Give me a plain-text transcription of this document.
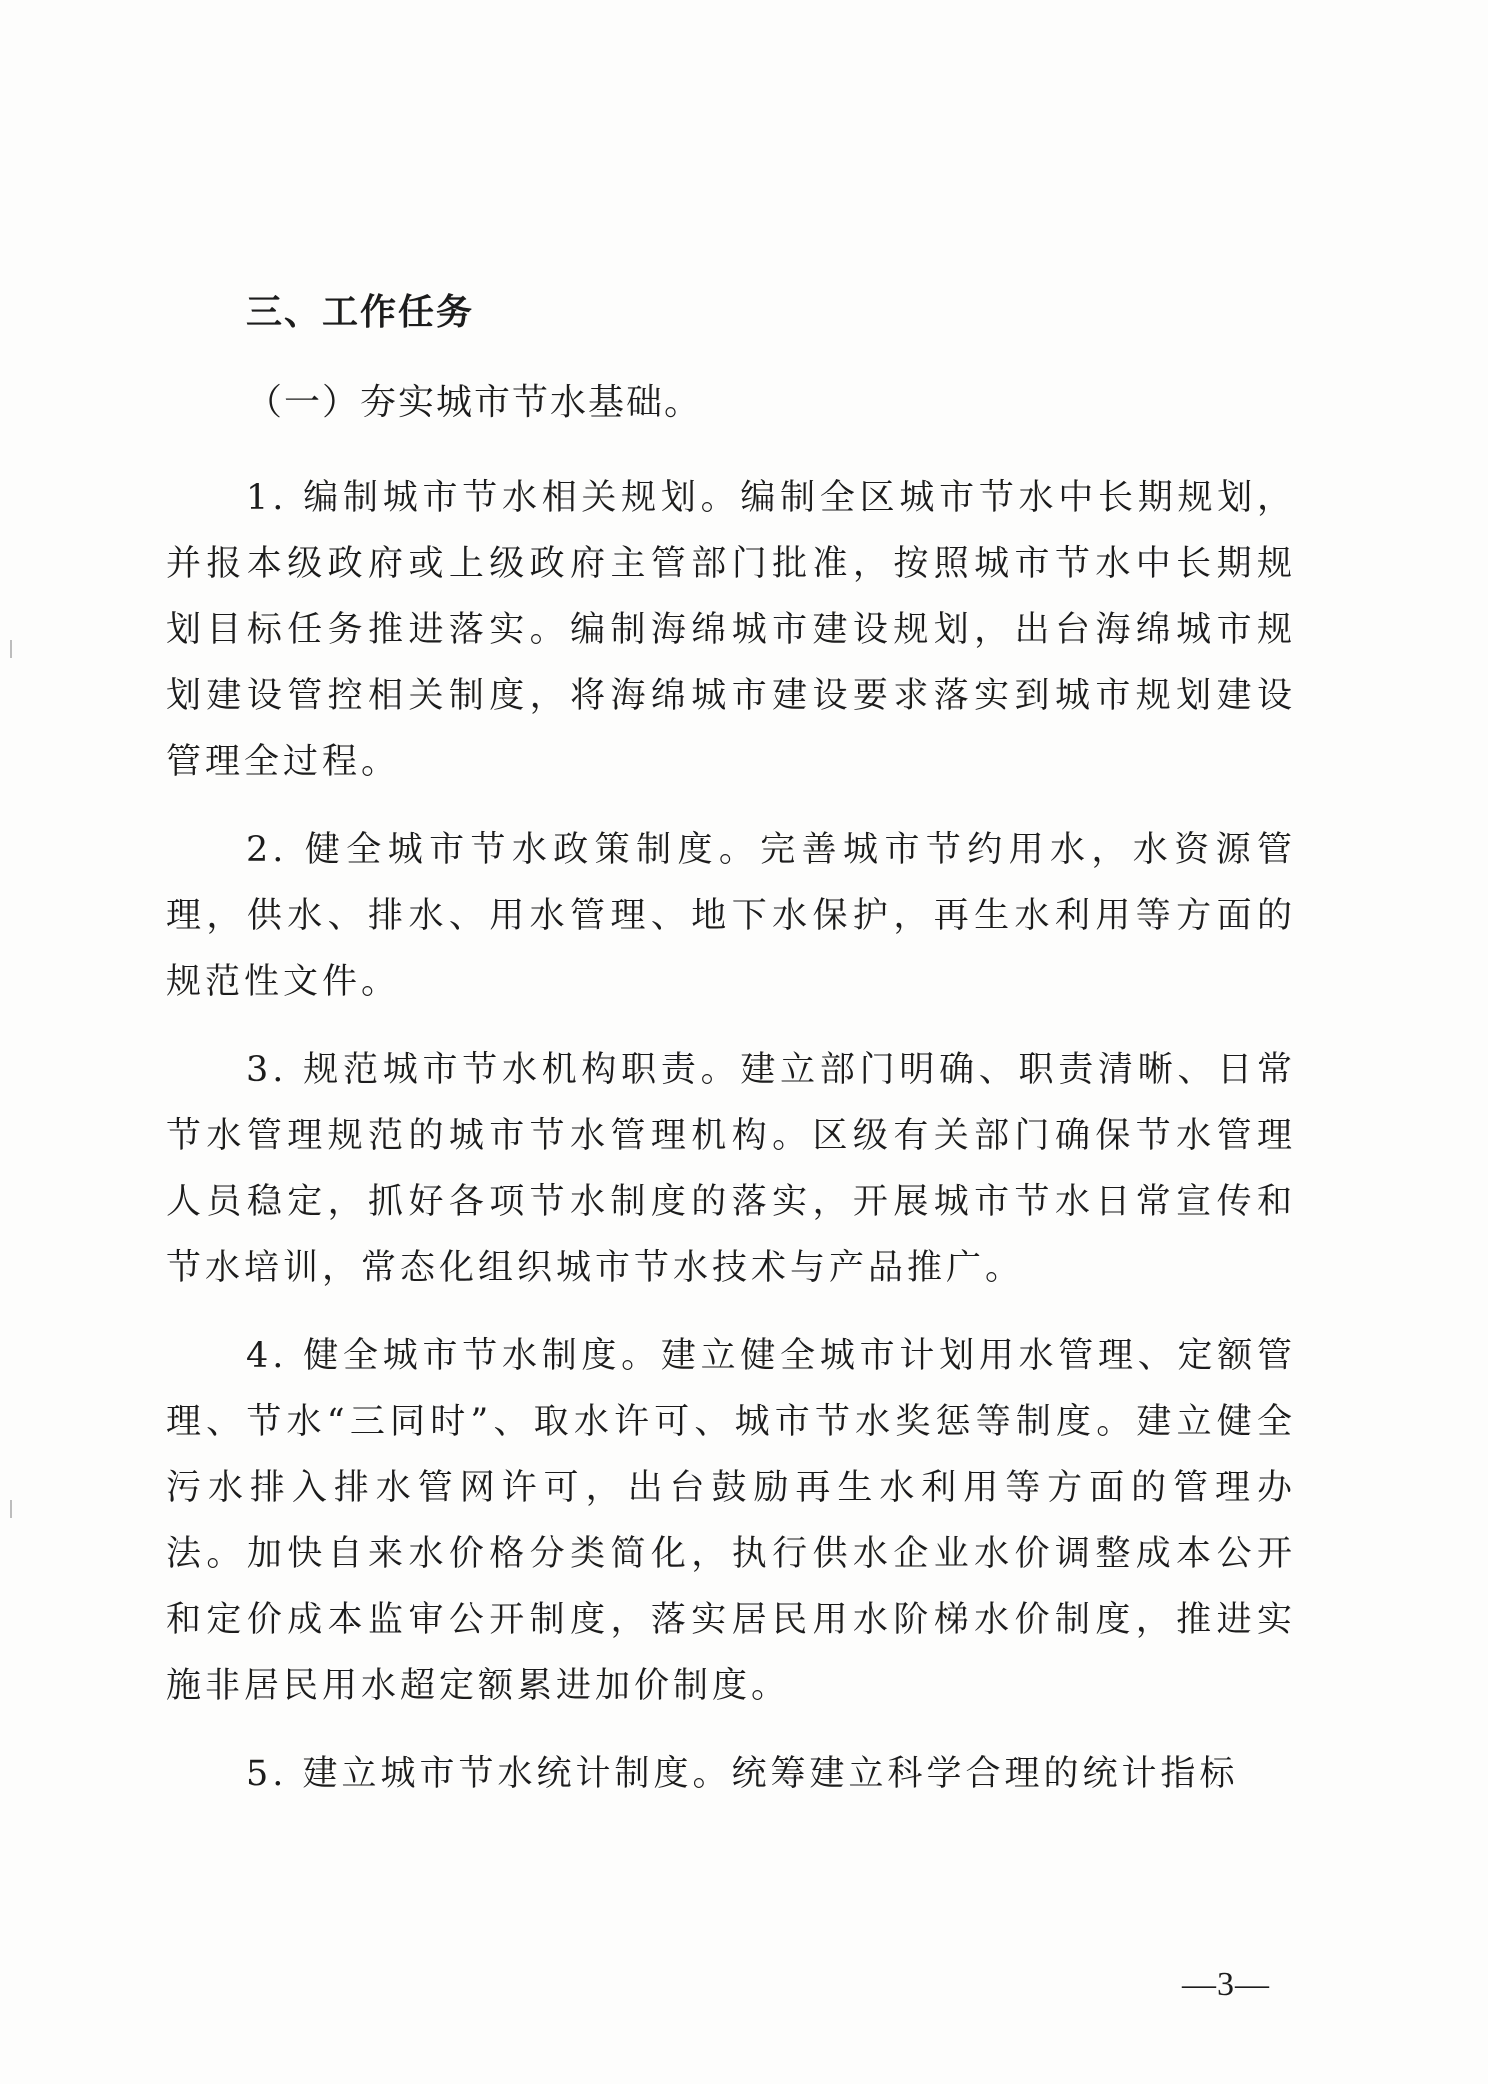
三、工作任务
（一）夯实城市节水基础。

1. 编制城市节水相关规划。编制全区城市节水中长期规划，并报本级政府或上级政府主管部门批准，按照城市节水中长期规划目标任务推进落实。编制海绵城市建设规划，出台海绵城市规划建设管控相关制度，将海绵城市建设要求落实到城市规划建设管理全过程。

2. 健全城市节水政策制度。完善城市节约用水，水资源管理，供水、排水、用水管理、地下水保护，再生水利用等方面的规范性文件。

3. 规范城市节水机构职责。建立部门明确、职责清晰、日常节水管理规范的城市节水管理机构。区级有关部门确保节水管理人员稳定，抓好各项节水制度的落实，开展城市节水日常宣传和节水培训，常态化组织城市节水技术与产品推广。

4. 健全城市节水制度。建立健全城市计划用水管理、定额管理、节水“三同时”、取水许可、城市节水奖惩等制度。建立健全污水排入排水管网许可，出台鼓励再生水利用等方面的管理办法。加快自来水价格分类简化，执行供水企业水价调整成本公开和定价成本监审公开制度，落实居民用水阶梯水价制度，推进实施非居民用水超定额累进加价制度。

5. 建立城市节水统计制度。统筹建立科学合理的统计指标

—3—
